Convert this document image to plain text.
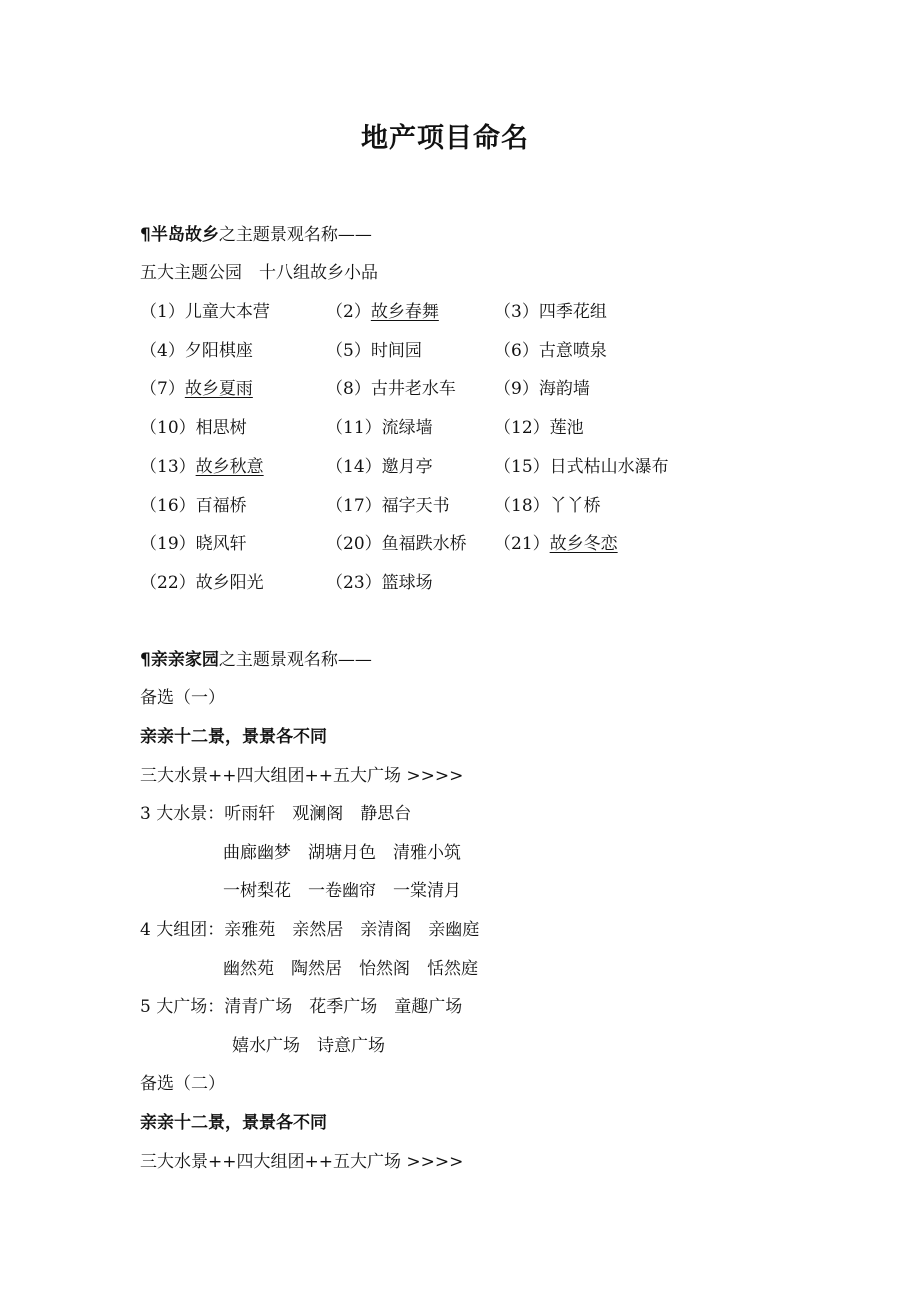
地产项目命名
¶半岛故乡之主题景观名称——
五大主题公园　十八组故乡小品
（1）儿童大本营	（2）故乡春舞	（3）四季花组
（4）夕阳棋座	（5）时间园	（6）古意喷泉
（7）故乡夏雨	（8）古井老水车 （9）海韵墙
（10）相思树	（11）流绿墙	（12）莲池
（13）故乡秋意	（14）邀月亭	（15）日式枯山水瀑布
（16）百福桥	（17）福字天书	（18）丫丫桥
（19）晓风轩	（20）鱼福跌水桥 （21）故乡冬恋
（22）故乡阳光	（23）篮球场
¶亲亲家园之主题景观名称——
备选（一）
亲亲十二景，景景各不同
三大水景++四大组团++五大广场 >>>>
3 大水景：听雨轩　观澜阁　静思台
曲廊幽梦　湖塘月色　清雅小筑
一树梨花　一卷幽帘　一棠清月
4 大组团：亲雅苑　亲然居　亲清阁　亲幽庭
幽然苑　陶然居　怡然阁　恬然庭
5 大广场：清青广场　花季广场　童趣广场
嬉水广场　诗意广场
备选（二）
亲亲十二景，景景各不同
三大水景++四大组团++五大广场 >>>>
